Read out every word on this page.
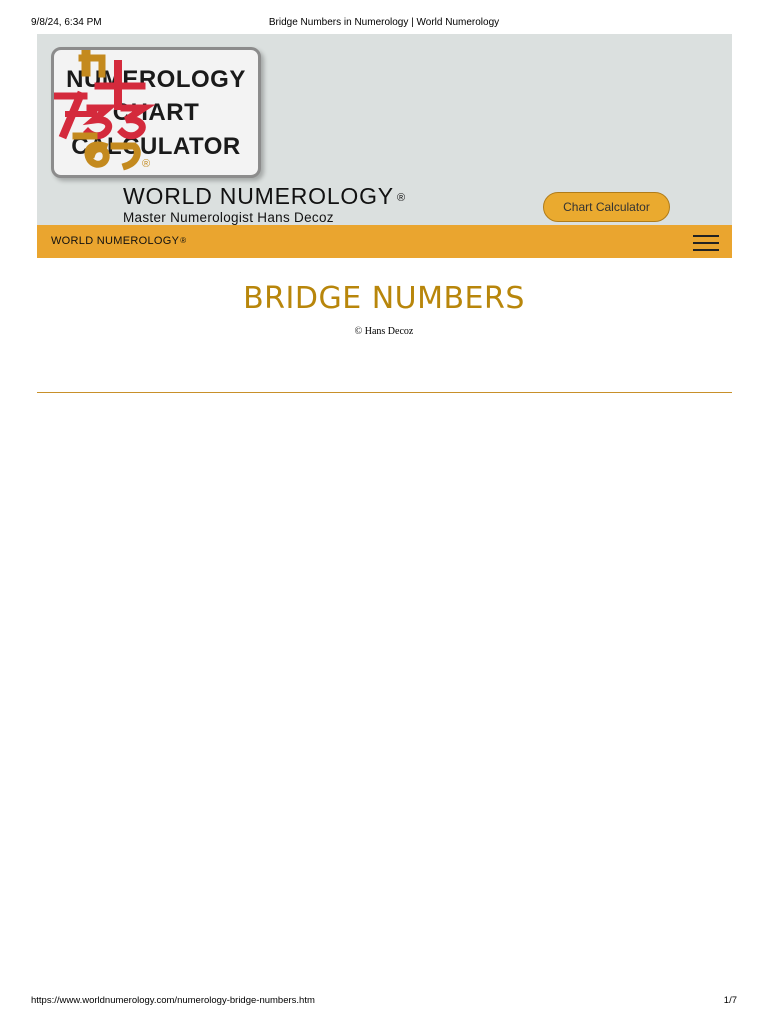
9/8/24, 6:34 PM	Bridge Numbers in Numerology | World Numerology
NUMEROLOGY
CHART
CALCULATOR
®
WORLD NUMEROLOGY ®
Master Numerologist Hans Decoz
Chart Calculator
WORLD NUMEROLOGY®
BRIDGE NUMBERS
© Hans Decoz
https://www.worldnumerology.com/numerology-bridge-numbers.htm	1/7
